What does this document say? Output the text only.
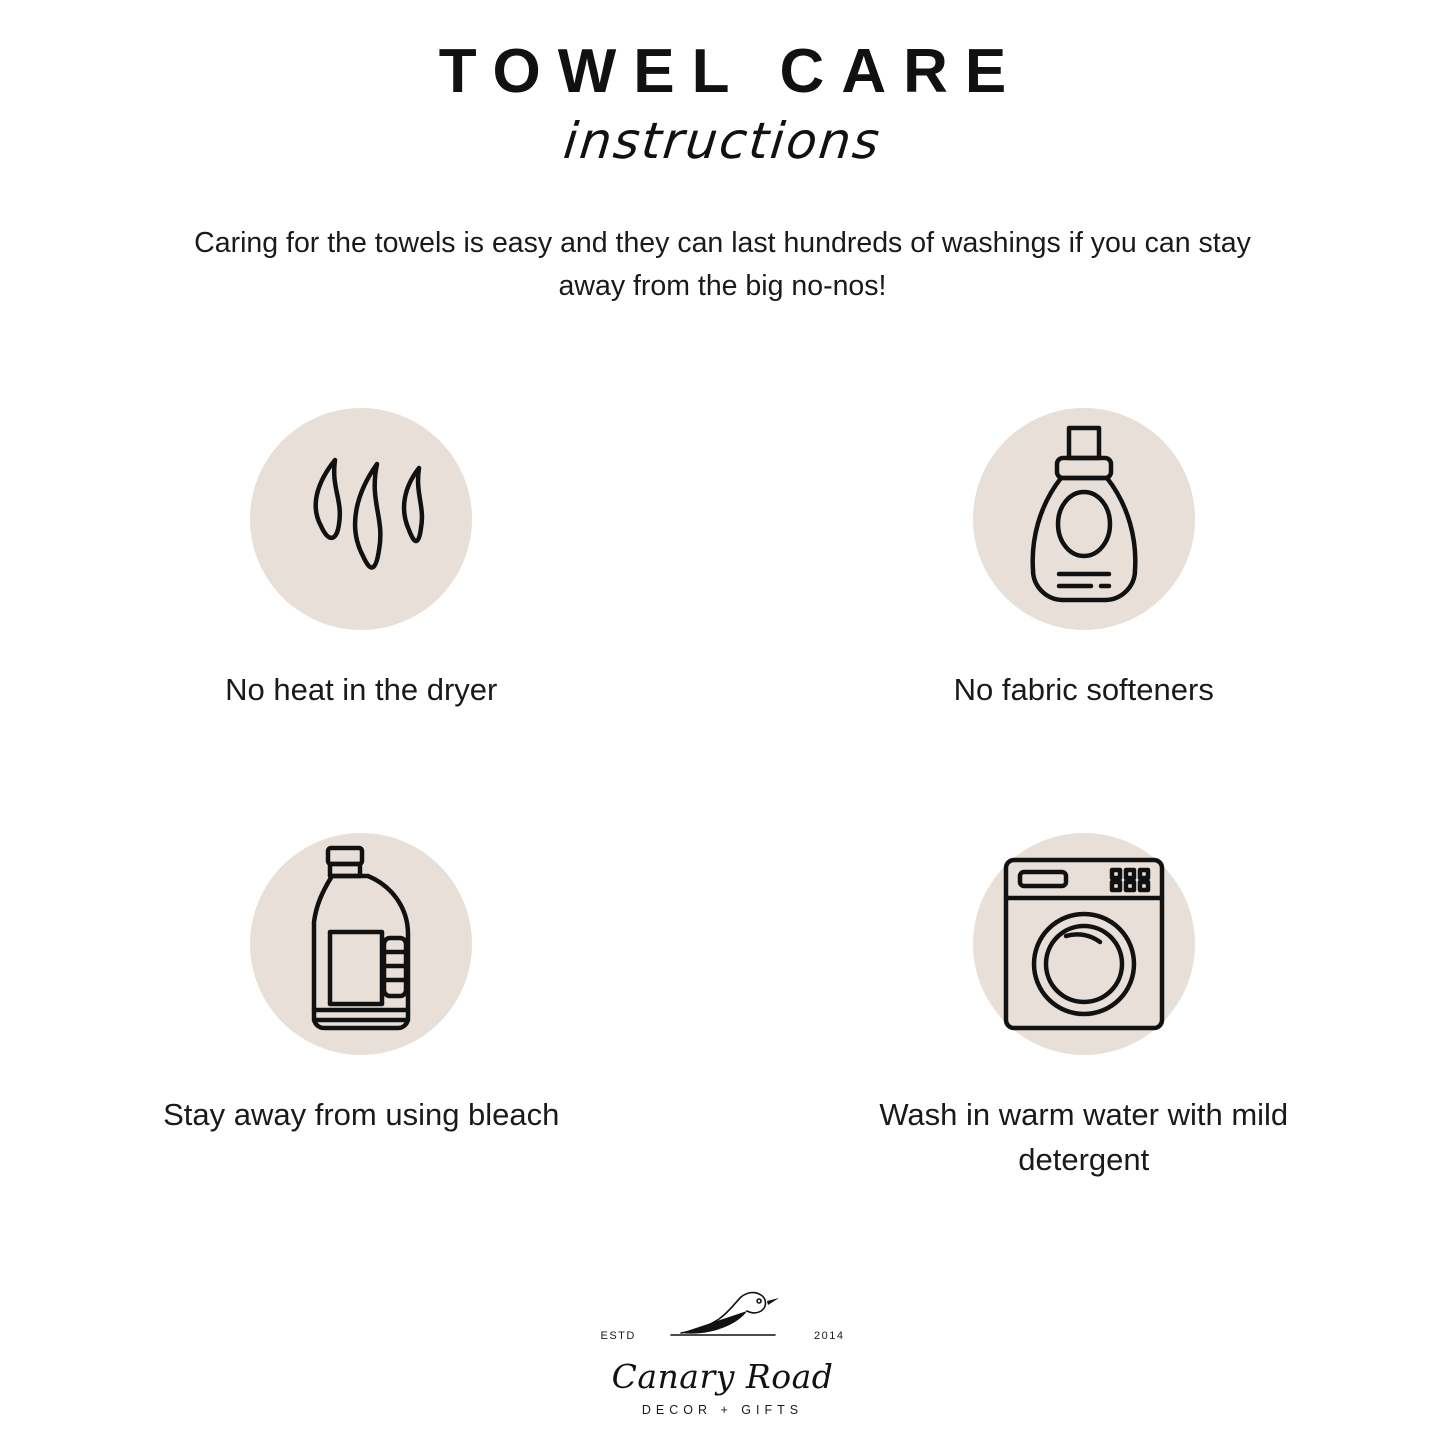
TOWEL CARE
instructions

Caring for the towels is easy and they can last hundreds of washings if you can stay away from the big no-nos!

No heat in the dryer	No fabric softeners
Stay away from using bleach	Wash in warm water with mild detergent
ESTD	2014
Canary Road
DECOR + GIFTS
